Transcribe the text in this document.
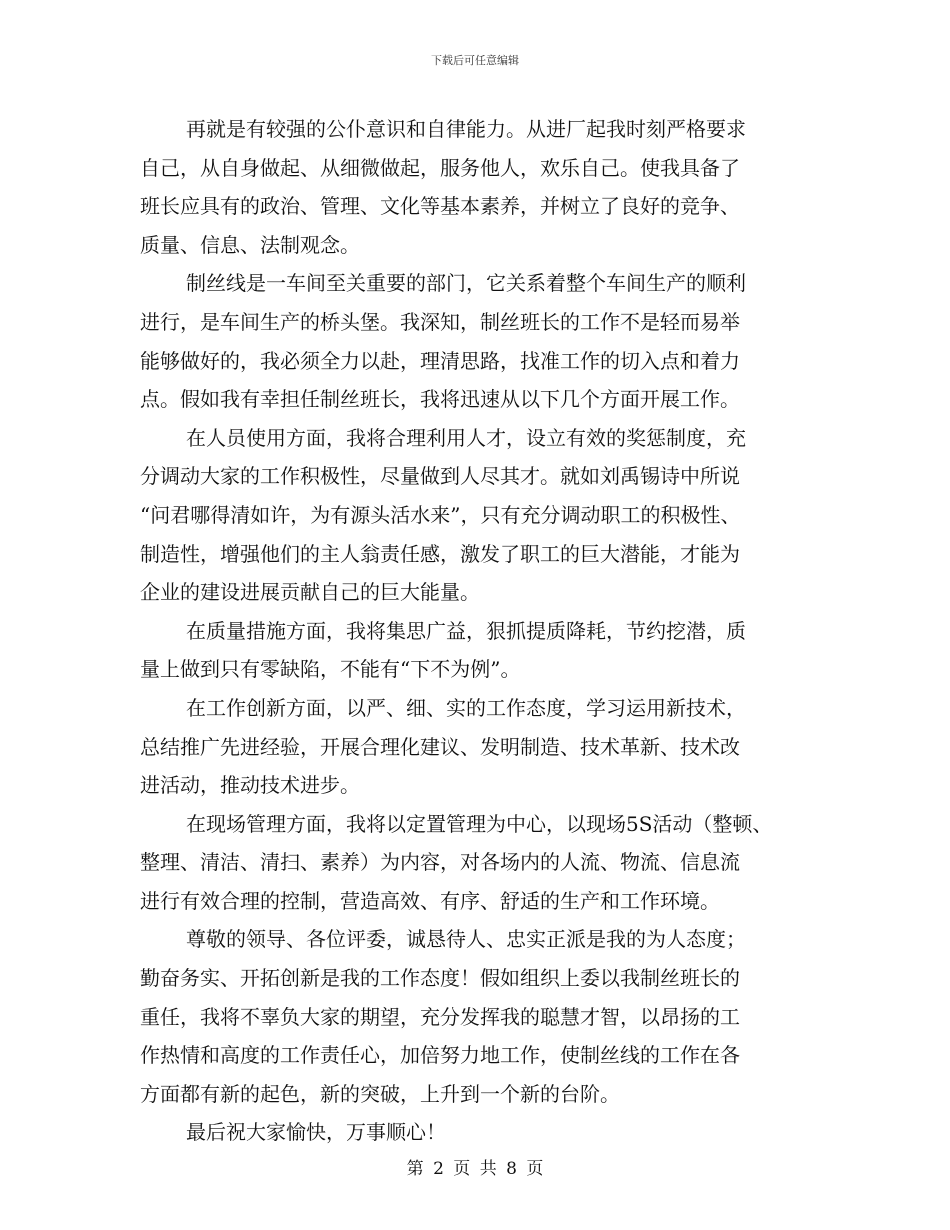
下载后可任意编辑
再就是有较强的公仆意识和自律能力。从进厂起我时刻严格要求
自己，从自身做起、从细微做起，服务他人，欢乐自己。使我具备了
班长应具有的政治、管理、文化等基本素养，并树立了良好的竞争、
质量、信息、法制观念。
制丝线是一车间至关重要的部门，它关系着整个车间生产的顺利
进行，是车间生产的桥头堡。我深知，制丝班长的工作不是轻而易举
能够做好的，我必须全力以赴，理清思路，找准工作的切入点和着力
点。假如我有幸担任制丝班长，我将迅速从以下几个方面开展工作。
在人员使用方面，我将合理利用人才，设立有效的奖惩制度，充
分调动大家的工作积极性，尽量做到人尽其才。就如刘禹锡诗中所说
“问君哪得清如许，为有源头活水来”，只有充分调动职工的积极性、
制造性，增强他们的主人翁责任感，激发了职工的巨大潜能，才能为
企业的建设进展贡献自己的巨大能量。
在质量措施方面，我将集思广益，狠抓提质降耗，节约挖潜，质
量上做到只有零缺陷，不能有“下不为例”。
在工作创新方面，以严、细、实的工作态度，学习运用新技术，
总结推广先进经验，开展合理化建议、发明制造、技术革新、技术改
进活动，推动技术进步。
在现场管理方面，我将以定置管理为中心，以现场5S活动（整顿、
整理、清洁、清扫、素养）为内容，对各场内的人流、物流、信息流
进行有效合理的控制，营造高效、有序、舒适的生产和工作环境。
尊敬的领导、各位评委，诚恳待人、忠实正派是我的为人态度；
勤奋务实、开拓创新是我的工作态度！假如组织上委以我制丝班长的
重任，我将不辜负大家的期望，充分发挥我的聪慧才智，以昂扬的工
作热情和高度的工作责任心，加倍努力地工作，使制丝线的工作在各
方面都有新的起色，新的突破，上升到一个新的台阶。
最后祝大家愉快，万事顺心！
第 2 页 共 8 页
